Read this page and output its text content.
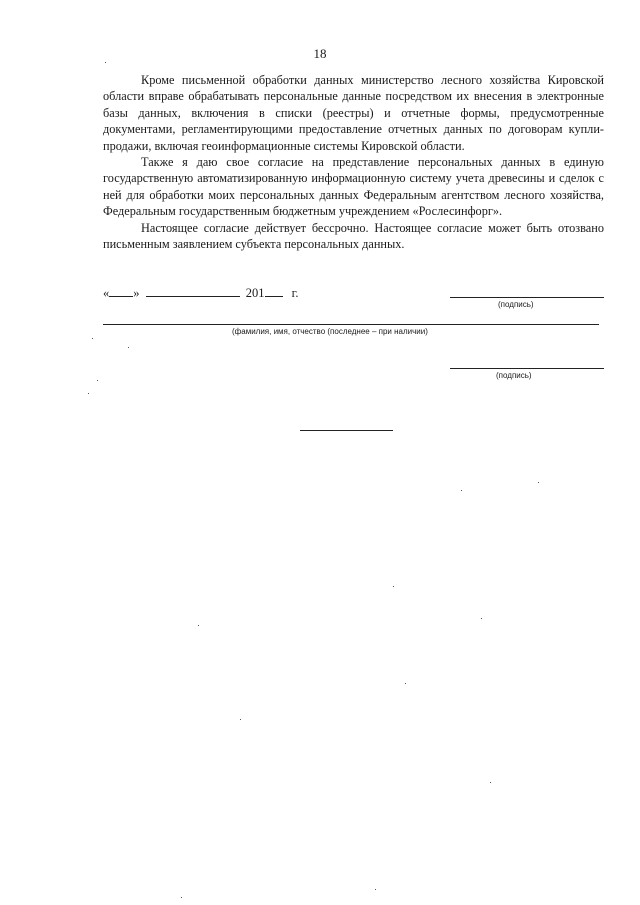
18

Кроме письменной обработки данных министерство лесного хозяйства Кировской области вправе обрабатывать персональные данные посредством их внесения в электронные базы данных, включения в списки (реестры) и отчетные формы, предусмотренные документами, регламентирующими предоставление отчетных данных по договорам купли-продажи, включая геоинформационные системы Кировской области.

Также я даю свое согласие на представление персональных данных в единую государственную автоматизированную информационную систему учета древесины и сделок с ней для обработки моих персональных данных Федеральным агентством лесного хозяйства, Федеральным государственным бюджетным учреждением «Рослесинфорг».

Настоящее согласие действует бессрочно. Настоящее согласие может быть отозвано письменным заявлением субъекта персональных данных.

« »	201 г.
(подпись)
(фамилия, имя, отчество (последнее – при наличии)
(подпись)
